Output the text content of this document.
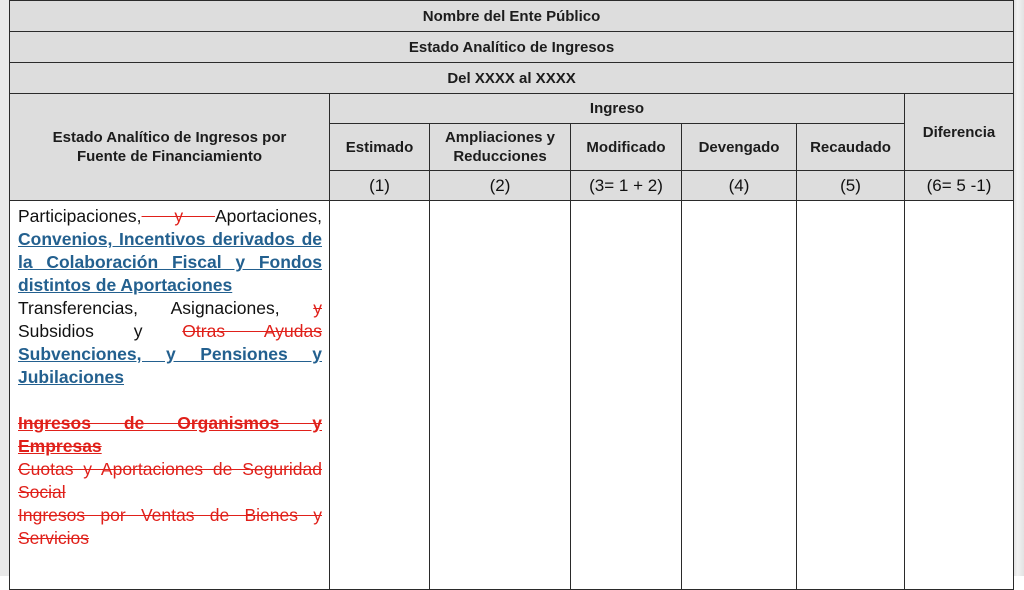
Nombre del Ente Público						
Estado Analítico de Ingresos						
Del XXXX al XXXX						

Estado Analítico de Ingresos por Fuente de Financiamiento	Ingreso					Diferencia
	Estimado	Ampliaciones y Reducciones	Modificado	Devengado	Recaudado	
	(1)	(2)	(3= 1 + 2)	(4)	(5)	(6= 5 -1)

Participaciones, y Aportaciones, Convenios, Incentivos derivados de la Colaboración Fiscal y Fondos distintos de Aportaciones
Transferencias, Asignaciones, y Subsidios y Otras Ayudas Subvenciones, y Pensiones y Jubilaciones
Ingresos de Organismos y Empresas
Cuotas y Aportaciones de Seguridad Social
Ingresos por Ventas de Bienes y Servicios						
